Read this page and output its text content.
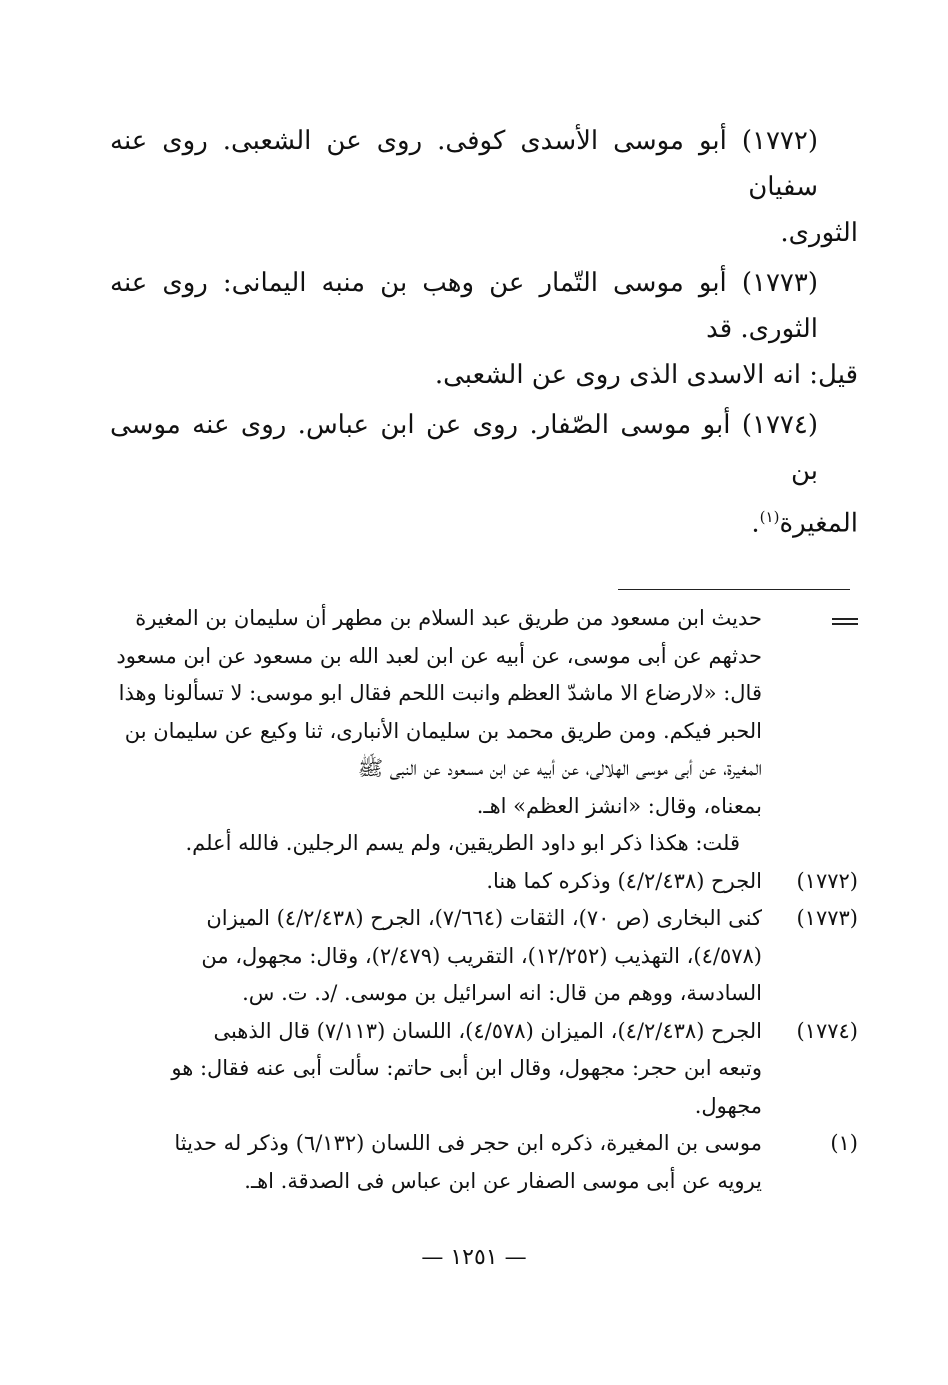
(١٧٧٢) أبو موسى الأسدى كوفى. روى عن الشعبى. روى عنه سفيان
الثورى.
(١٧٧٣) أبو موسى التّمار عن وهب بن منبه اليمانى: روى عنه الثورى. قد
قيل: انه الاسدى الذى روى عن الشعبى.
(١٧٧٤) أبو موسى الصّفار. روى عن ابن عباس. روى عنه موسى بن
المغيرة$^{(١)}$.

حديث ابن مسعود من طريق عبد السلام بن مطهر أن سليمان بن المغيرة

حدثهم عن أبى موسى، عن أبيه عن ابن لعبد الله بن مسعود عن ابن مسعود

قال: «لارضاع الا ماشدّ العظم وانبت اللحم فقال ابو موسى: لا تسألونا وهذا

الحبر فيكم. ومن طريق محمد بن سليمان الأنبارى، ثنا وكيع عن سليمان بن

المغيرة، عن أبى موسى الهلالى، عن أبيه عن ابن مسعود عن النبى ﷺ

بمعناه، وقال: «انشز العظم» اهـ.

قلت: هكذا ذكر ابو داود الطريقين، ولم يسم الرجلين. فالله أعلم.

(١٧٧٢)

الجرح (٤/٢/٤٣٨) وذكره كما هنا.

(١٧٧٣)

كنى البخارى (ص ٧٠)، الثقات (٧/٦٦٤)، الجرح (٤/٢/٤٣٨) الميزان

(٤/٥٧٨)، التهذيب (١٢/٢٥٢)، التقريب (٢/٤٧٩)، وقال: مجهول، من

السادسة، ووهم من قال: انه اسرائيل بن موسى. /د. ت. س.

(١٧٧٤)

الجرح (٤/٢/٤٣٨)، الميزان (٤/٥٧٨)، اللسان (٧/١١٣) قال الذهبى

وتبعه ابن حجر: مجهول، وقال ابن أبى حاتم: سألت أبى عنه فقال: هو

مجهول.

(١)

موسى بن المغيرة، ذكره ابن حجر فى اللسان (٦/١٣٢) وذكر له حديثا

يرويه عن أبى موسى الصفار عن ابن عباس فى الصدقة. اهـ.

— ١٢٥١ —
